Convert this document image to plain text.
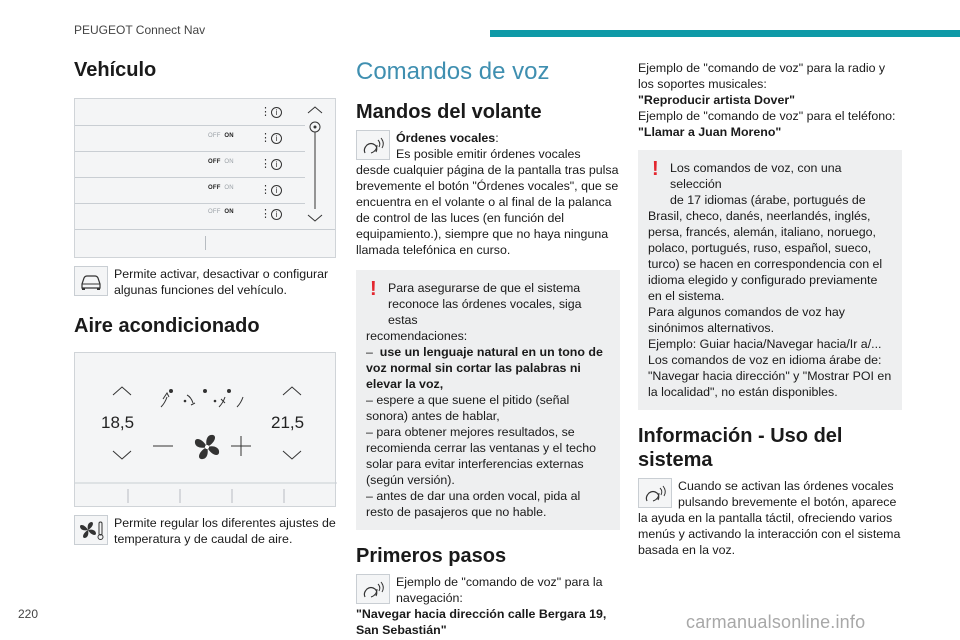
PEUGEOT Connect Nav
Vehículo
⋮ i
OFF ON ⋮ i
OFF ON ⋮ i
OFF ON ⋮ i
OFF ON ⋮ i

Permite activar, desactivar o configurar algunas funciones del vehículo.

Aire acondicionado
18,5	21,5

Permite regular los diferentes ajustes de temperatura y de caudal de aire.

Comandos de voz
Mandos del volante

Órdenes vocales:

Es posible emitir órdenes vocales

desde cualquier página de la pantalla tras pulsa brevemente el botón "Órdenes vocales", que se encuentra en el volante o al final de la palanca de control de las luces (en función del equipamiento.), siempre que no haya ninguna llamada telefónica en curso.

! Para asegurarse de que el sistema

reconoce las órdenes vocales, siga estas

recomendaciones:

– use un lenguaje natural en un tono de voz normal sin cortar las palabras ni elevar la voz,

– espere a que suene el pitido (señal sonora) antes de hablar,

– para obtener mejores resultados, se recomienda cerrar las ventanas y el techo solar para evitar interferencias externas (según versión).

– antes de dar una orden vocal, pida al resto de pasajeros que no hable.

Primeros pasos

Ejemplo de "comando de voz" para la

navegación:

"Navegar hacia dirección calle Bergara 19, San Sebastián"

Ejemplo de "comando de voz" para la radio y los soportes musicales:

"Reproducir artista Dover"

Ejemplo de "comando de voz" para el teléfono:

"Llamar a Juan Moreno"

! Los comandos de voz, con una selección

de 17 idiomas (árabe, portugués de

Brasil, checo, danés, neerlandés, inglés, persa, francés, alemán, italiano, noruego, polaco, portugués, ruso, español, sueco, turco) se hacen en correspondencia con el idioma elegido y configurado previamente en el sistema.

Para algunos comandos de voz hay sinónimos alternativos.

Ejemplo: Guiar hacia/Navegar hacia/Ir a/...

Los comandos de voz en idioma árabe de: "Navegar hacia dirección" y "Mostrar POI en la localidad", no están disponibles.

Información - Uso del sistema

Cuando se activan las órdenes vocales

pulsando brevemente el botón, aparece

la ayuda en la pantalla táctil, ofreciendo varios menús y activando la interacción con el sistema basada en la voz.

220	carmanualsonline.info
